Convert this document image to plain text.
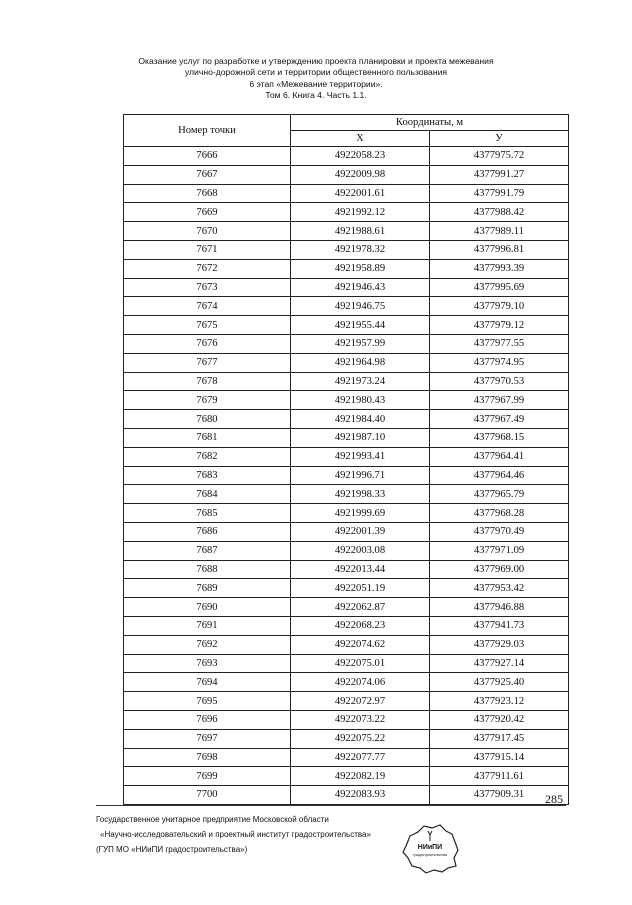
Оказание услуг по разработке и утверждению проекта планировки и проекта межевания
улично-дорожной сети и территории общественного пользования
6 этап «Межевание территории».
Том 6. Книга 4. Часть 1.1.
Номер точки	Координаты, м	
	X	У
7666	4922058.23	4377975.72
7667	4922009.98	4377991.27
7668	4922001.61	4377991.79
7669	4921992.12	4377988.42
7670	4921988.61	4377989.11
7671	4921978.32	4377996.81
7672	4921958.89	4377993.39
7673	4921946.43	4377995.69
7674	4921946.75	4377979.10
7675	4921955.44	4377979.12
7676	4921957.99	4377977.55
7677	4921964.98	4377974.95
7678	4921973.24	4377970.53
7679	4921980.43	4377967.99
7680	4921984.40	4377967.49
7681	4921987.10	4377968.15
7682	4921993.41	4377964.41
7683	4921996.71	4377964.46
7684	4921998.33	4377965.79
7685	4921999.69	4377968.28
7686	4922001.39	4377970.49
7687	4922003.08	4377971.09
7688	4922013.44	4377969.00
7689	4922051.19	4377953.42
7690	4922062.87	4377946.88
7691	4922068.23	4377941.73
7692	4922074.62	4377929.03
7693	4922075.01	4377927.14
7694	4922074.06	4377925.40
7695	4922072.97	4377923.12
7696	4922073.22	4377920.42
7697	4922075.22	4377917.45
7698	4922077.77	4377915.14
7699	4922082.19	4377911.61
7700	4922083.93	4377909.31 285
Государственное унитарное предприятие Московской области
«Научно-исследовательский и проектный институт градостроительства»
(ГУП МО «НИиПИ градостроительства»)	НИиПИ
градостроительства
